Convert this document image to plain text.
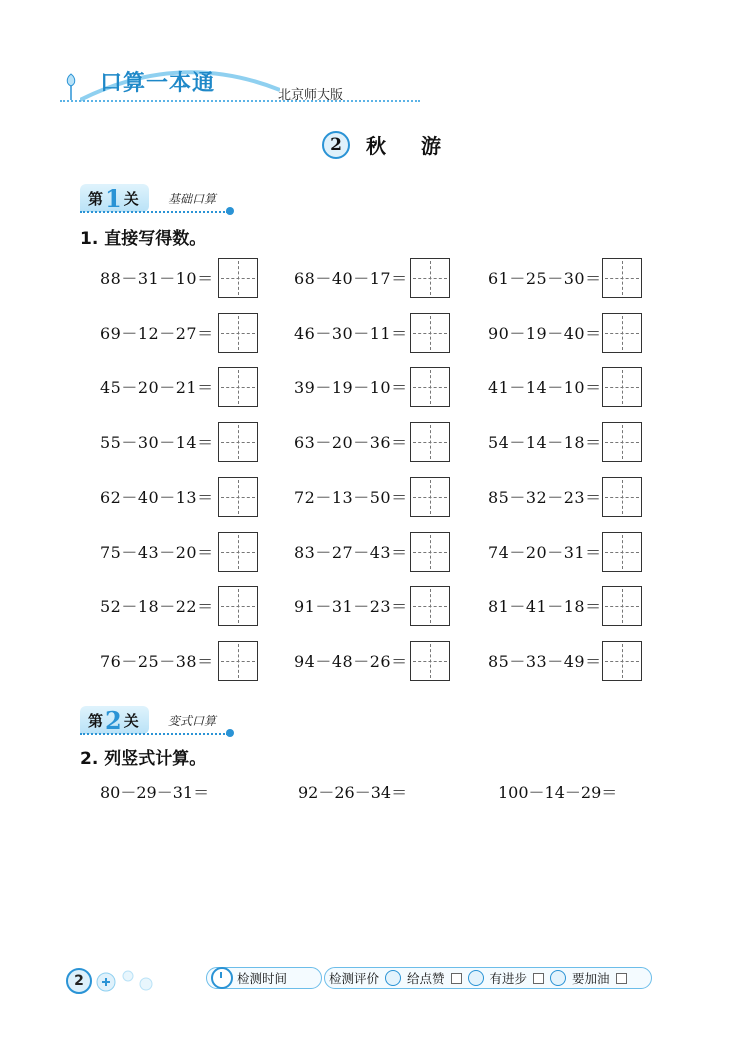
口算一本通	北京师大版
2	秋 游
第 1 关 基础口算
1. 直接写得数。
88－31－10＝	68－40－17＝	61－25－30＝
69－12－27＝	46－30－11＝	90－19－40＝
45－20－21＝	39－19－10＝	41－14－10＝
55－30－14＝	63－20－36＝	54－14－18＝
62－40－13＝	72－13－50＝	85－32－23＝
75－43－20＝	83－27－43＝	74－20－31＝
52－18－22＝	91－31－23＝	81－41－18＝
76－25－38＝	94－48－26＝	85－33－49＝
第 2 关 变式口算
2. 列竖式计算。
80－29－31＝	92－26－34＝	100－14－29＝
2	检测时间	检测评价 给点赞	有进步	要加油
